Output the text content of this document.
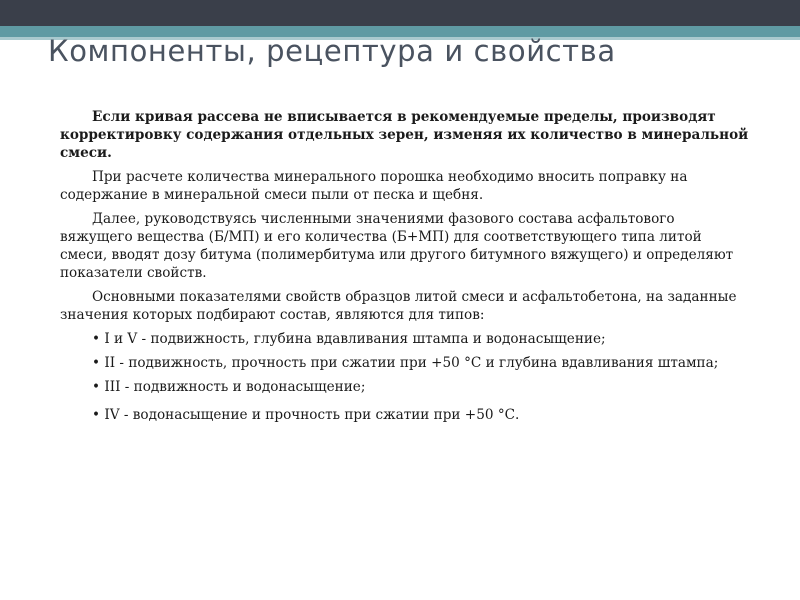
Компоненты, рецептура и свойства

Если кривая рассева не вписывается в рекомендуемые пределы, производят корректировку содержания отдельных зерен, изменяя их количество в минеральной смеси.

При расчете количества минерального порошка необходимо вносить поправку на содержание в минеральной смеси пыли от песка и щебня.

Далее, руководствуясь численными значениями фазового состава асфальтового вяжущего вещества (Б/МП) и его количества (Б+МП) для соответствующего типа литой смеси, вводят дозу битума (полимербитума или другого битумного вяжущего) и определяют показатели свойств.

Основными показателями свойств образцов литой смеси и асфальтобетона, на заданные значения которых подбирают состав, являются для типов:

• I и V - подвижность, глубина вдавливания штампа и водонасыщение;

• II - подвижность, прочность при сжатии при +50 °С и глубина вдавливания штампа;

• III - подвижность и водонасыщение;

• IV - водонасыщение и прочность при сжатии при +50 °С.
